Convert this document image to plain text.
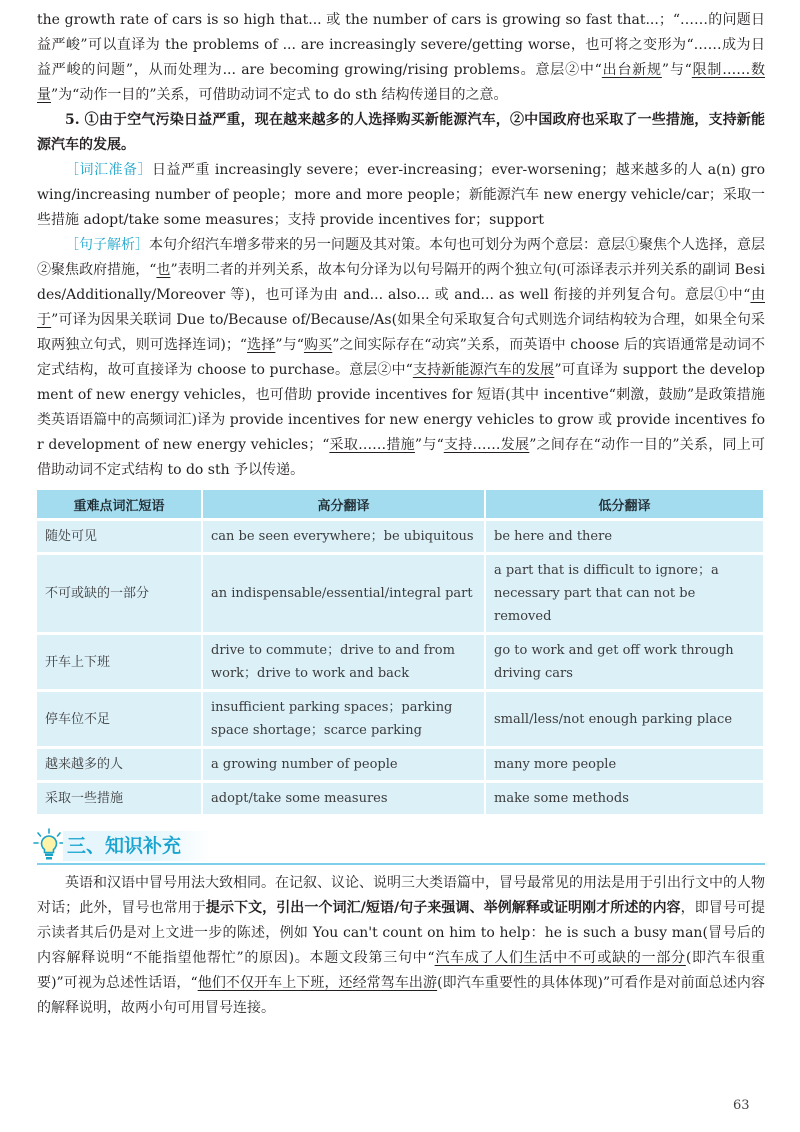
the growth rate of cars is so high that... 或 the number of cars is growing so fast that...；“……的问题日益严峻”可以直译为 the problems of ... are increasingly severe/getting worse，也可将之变形为“……成为日益严峻的问题”，从而处理为... are becoming growing/rising problems。意层②中“出台新规”与“限制……数量”为“动作一目的”关系，可借助动词不定式 to do sth 结构传递目的之意。

5. ①由于空气污染日益严重，现在越来越多的人选择购买新能源汽车，②中国政府也采取了一些措施，支持新能源汽车的发展。

［词汇准备］日益严重 increasingly severe；ever-increasing；ever-worsening；越来越多的人 a(n) growing/increasing number of people；more and more people；新能源汽车 new energy vehicle/car；采取一些措施 adopt/take some measures；支持 provide incentives for；support

［句子解析］本句介绍汽车增多带来的另一问题及其对策。本句也可划分为两个意层：意层①聚焦个人选择，意层②聚焦政府措施，“也”表明二者的并列关系，故本句分译为以句号隔开的两个独立句(可添译表示并列关系的副词 Besides/Additionally/Moreover 等)，也可译为由 and... also... 或 and... as well 衔接的并列复合句。意层①中“由于”可译为因果关联词 Due to/Because of/Because/As(如果全句采取复合句式则选介词结构较为合理，如果全句采取两独立句式，则可选择连词)；“选择”与“购买”之间实际存在“动宾”关系，而英语中 choose 后的宾语通常是动词不定式结构，故可直接译为 choose to purchase。意层②中“支持新能源汽车的发展”可直译为 support the development of new energy vehicles，也可借助 provide incentives for 短语(其中 incentive“刺激，鼓励”是政策措施类英语语篇中的高频词汇)译为 provide incentives for new energy vehicles to grow 或 provide incentives for development of new energy vehicles；“采取……措施”与“支持……发展”之间存在“动作一目的”关系，同上可借助动词不定式结构 to do sth 予以传递。

重难点词汇短语	高分翻译	低分翻译
随处可见	can be seen everywhere；be ubiquitous	be here and there
不可或缺的一部分	an indispensable/essential/integral part	a part that is difficult to ignore；a necessary part that can not be removed
开车上下班	drive to commute；drive to and from work；drive to work and back	go to work and get off work through driving cars
停车位不足	insufficient parking spaces；parking space shortage；scarce parking	small/less/not enough parking place
越来越多的人	a growing number of people	many more people
采取一些措施	adopt/take some measures	make some methods
三、知识补充

英语和汉语中冒号用法大致相同。在记叙、议论、说明三大类语篇中，冒号最常见的用法是用于引出行文中的人物对话；此外，冒号也常用于提示下文，引出一个词汇/短语/句子来强调、举例解释或证明刚才所述的内容，即冒号可提示读者其后仍是对上文进一步的陈述，例如 You can't count on him to help：he is such a busy man(冒号后的内容解释说明“不能指望他帮忙”的原因)。本题文段第三句中“汽车成了人们生活中不可或缺的一部分(即汽车很重要)”可视为总述性话语，“他们不仅开车上下班，还经常驾车出游(即汽车重要性的具体体现)”可看作是对前面总述内容的解释说明，故两小句可用冒号连接。

63
